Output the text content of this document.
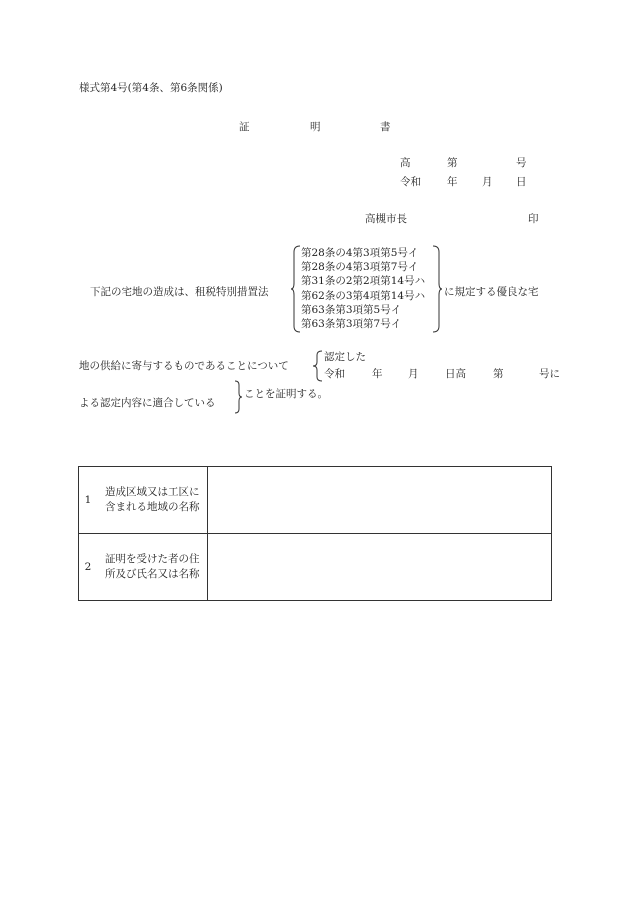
様式第4号(第4条、第6条関係)
証	明	書
高	第	号
令和 年 月 日
高槻市長	印
下記の宅地の造成は、租税特別措置法
第28条の4第3項第5号イ
第28条の4第3項第7号イ
第31条の2第2項第14号ハ
第62条の3第4項第14号ハ
第63条第3項第5号イ
第63条第3項第7号イ
に規定する優良な宅
地の供給に寄与するものであることについて
認定した
令和	年 月	日高	第	号に
よる認定内容に適合している
ことを証明する。
1	造成区域又は工区に含まれる地域の名称	
2	証明を受けた者の住所及び氏名又は名称	
